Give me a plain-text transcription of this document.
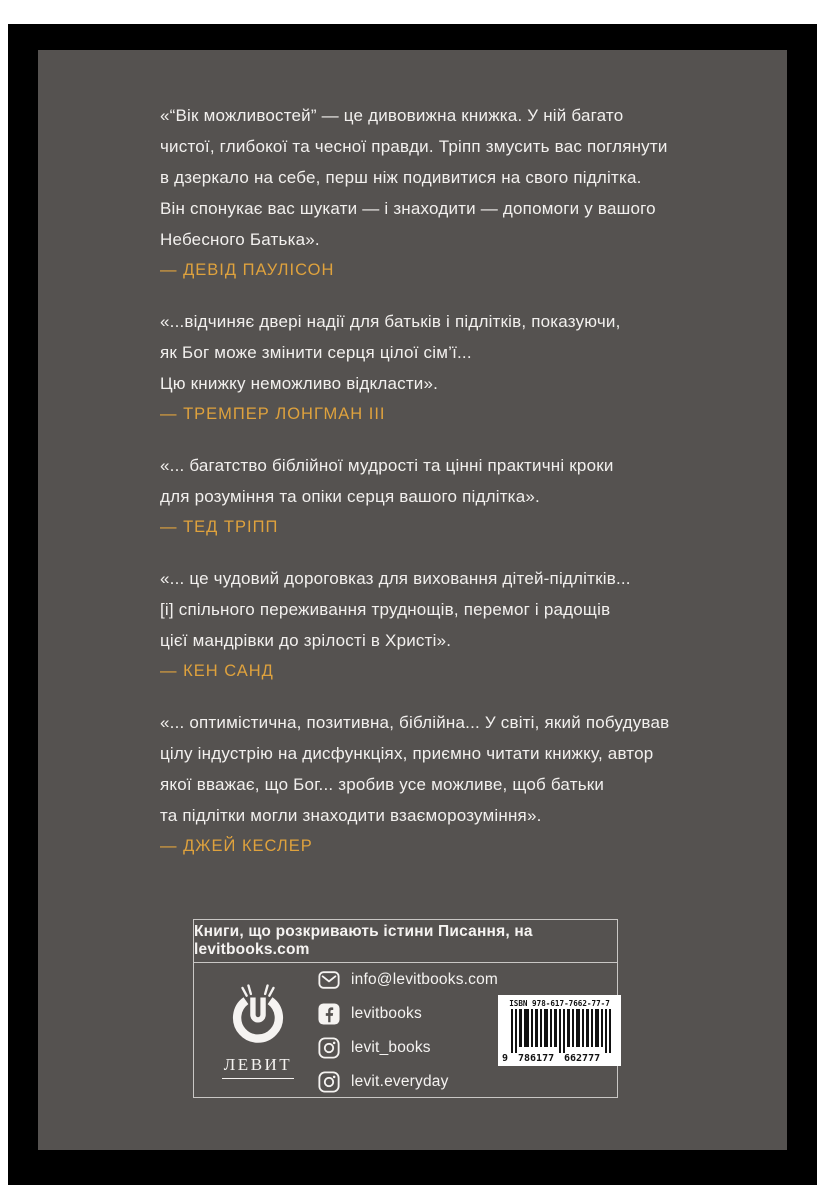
«“Вік можливостей” — це дивовижна книжка. У ній багато
чистої, глибокої та чесної правди. Тріпп змусить вас поглянути
в дзеркало на себе, перш ніж подивитися на свого підлітка.
Він спонукає вас шукати — і знаходити — допомоги у вашого
Небесного Батька».
— ДЕВІД ПАУЛІСОН
«...відчиняє двері надії для батьків і підлітків, показуючи,
як Бог може змінити серця цілої сім’ї...
Цю книжку неможливо відкласти».
— ТРЕМПЕР ЛОНГМАН ІІІ
«... багатство біблійної мудрості та цінні практичні кроки
для розуміння та опіки серця вашого підлітка».
— ТЕД ТРІПП
«... це чудовий дороговказ для виховання дітей-підлітків...
[і] спільного переживання труднощів, перемог і радощів
цієї мандрівки до зрілості в Христі».
— КЕН САНД
«... оптимістична, позитивна, біблійна... У світі, який побудував
цілу індустрію на дисфункціях, приємно читати книжку, автор
якої вважає, що Бог... зробив усе можливе, щоб батьки
та підлітки могли знаходити взаєморозуміння».
— ДЖЕЙ КЕСЛЕР
Книги, що розкривають істини Писання, на levitbooks.com
ЛЕВИТ
info@levitbooks.com
levitbooks
levit_books
levit.everyday
ISBN 978-617-7662-77-7
9 786177 662777
